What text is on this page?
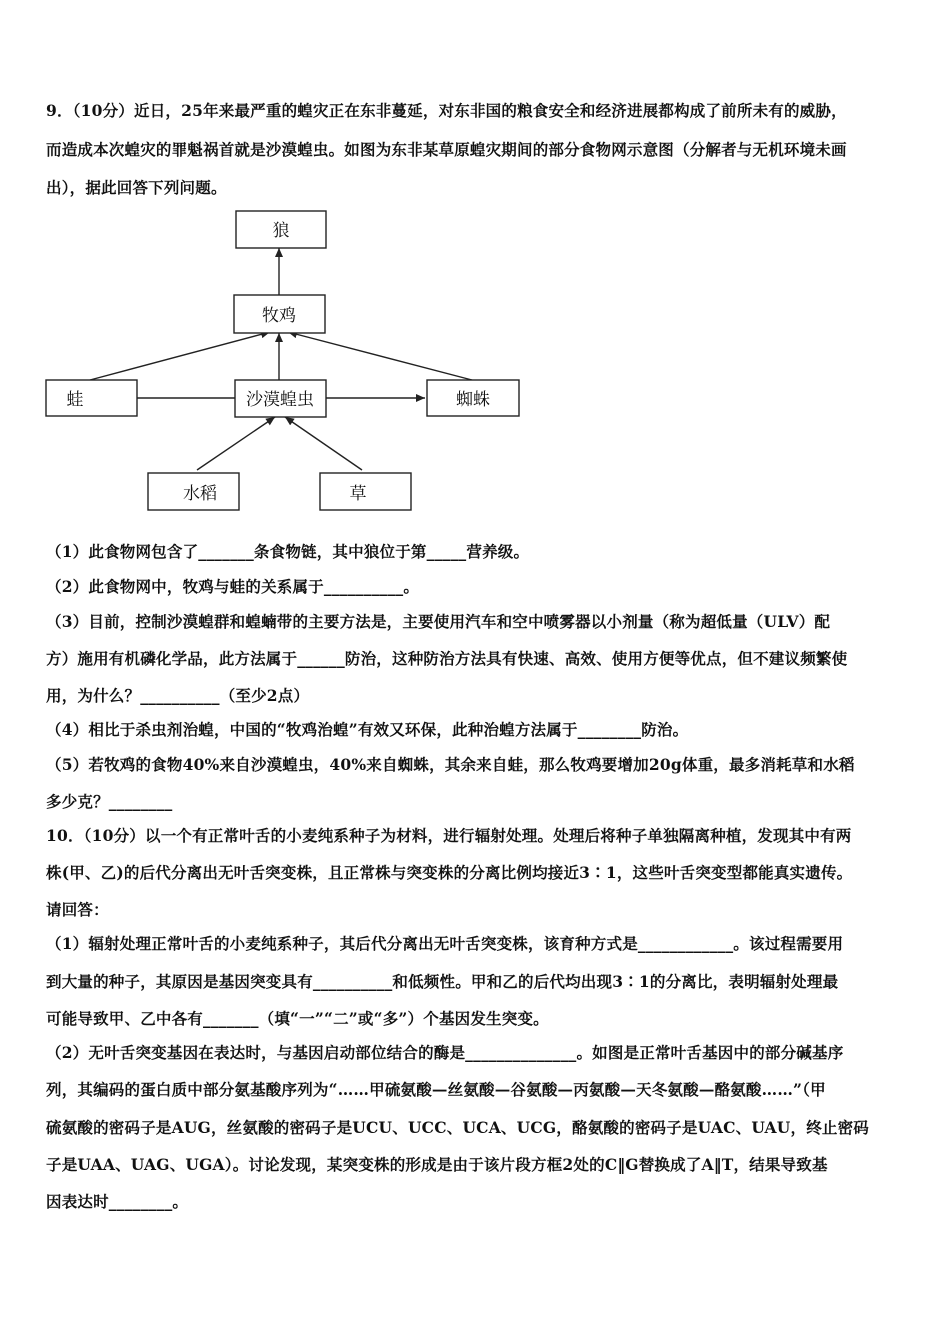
9．（10分）近日，25年来最严重的蝗灾正在东非蔓延，对东非国的粮食安全和经济进展都构成了前所未有的威胁，
而造成本次蝗灾的罪魁祸首就是沙漠蝗虫。如图为东非某草原蝗灾期间的部分食物网示意图（分解者与无机环境未画
出），据此回答下列问题。
狼
牧鸡
蛙	沙漠蝗虫	蜘蛛
水稻	草
（1）此食物网包含了_______条食物链，其中狼位于第_____营养级。
（2）此食物网中，牧鸡与蛙的关系属于__________。
（3）目前，控制沙漠蝗群和蝗蝻带的主要方法是，主要使用汽车和空中喷雾器以小剂量（称为超低量（ULV）配
方）施用有机磷化学品，此方法属于______防治，这种防治方法具有快速、高效、使用方便等优点，但不建议频繁使
用，为什么？__________（至少2点）
（4）相比于杀虫剂治蝗，中国的“牧鸡治蝗”有效又环保，此种治蝗方法属于________防治。
（5）若牧鸡的食物40%来自沙漠蝗虫，40%来自蜘蛛，其余来自蛙，那么牧鸡要增加20g体重，最多消耗草和水稻
多少克？________
10．（10分）以一个有正常叶舌的小麦纯系种子为材料，进行辐射处理。处理后将种子单独隔离种植，发现其中有两
株(甲、乙)的后代分离出无叶舌突变株，且正常株与突变株的分离比例均接近3∶1，这些叶舌突变型都能真实遗传。
请回答：
（1）辐射处理正常叶舌的小麦纯系种子，其后代分离出无叶舌突变株，该育种方式是____________。该过程需要用
到大量的种子，其原因是基因突变具有__________和低频性。甲和乙的后代均出现3∶1的分离比，表明辐射处理最
可能导致甲、乙中各有_______（填“一”“二”或“多”）个基因发生突变。
（2）无叶舌突变基因在表达时，与基因启动部位结合的酶是______________。如图是正常叶舌基因中的部分碱基序
列，其编码的蛋白质中部分氨基酸序列为“……甲硫氨酸—丝氨酸—谷氨酸—丙氨酸—天冬氨酸—酪氨酸……”（甲
硫氨酸的密码子是AUG，丝氨酸的密码子是UCU、UCC、UCA、UCG，酪氨酸的密码子是UAC、UAU，终止密码
子是UAA、UAG、UGA）。讨论发现，某突变株的形成是由于该片段方框2处的C‖G替换成了A‖T，结果导致基
因表达时________。
